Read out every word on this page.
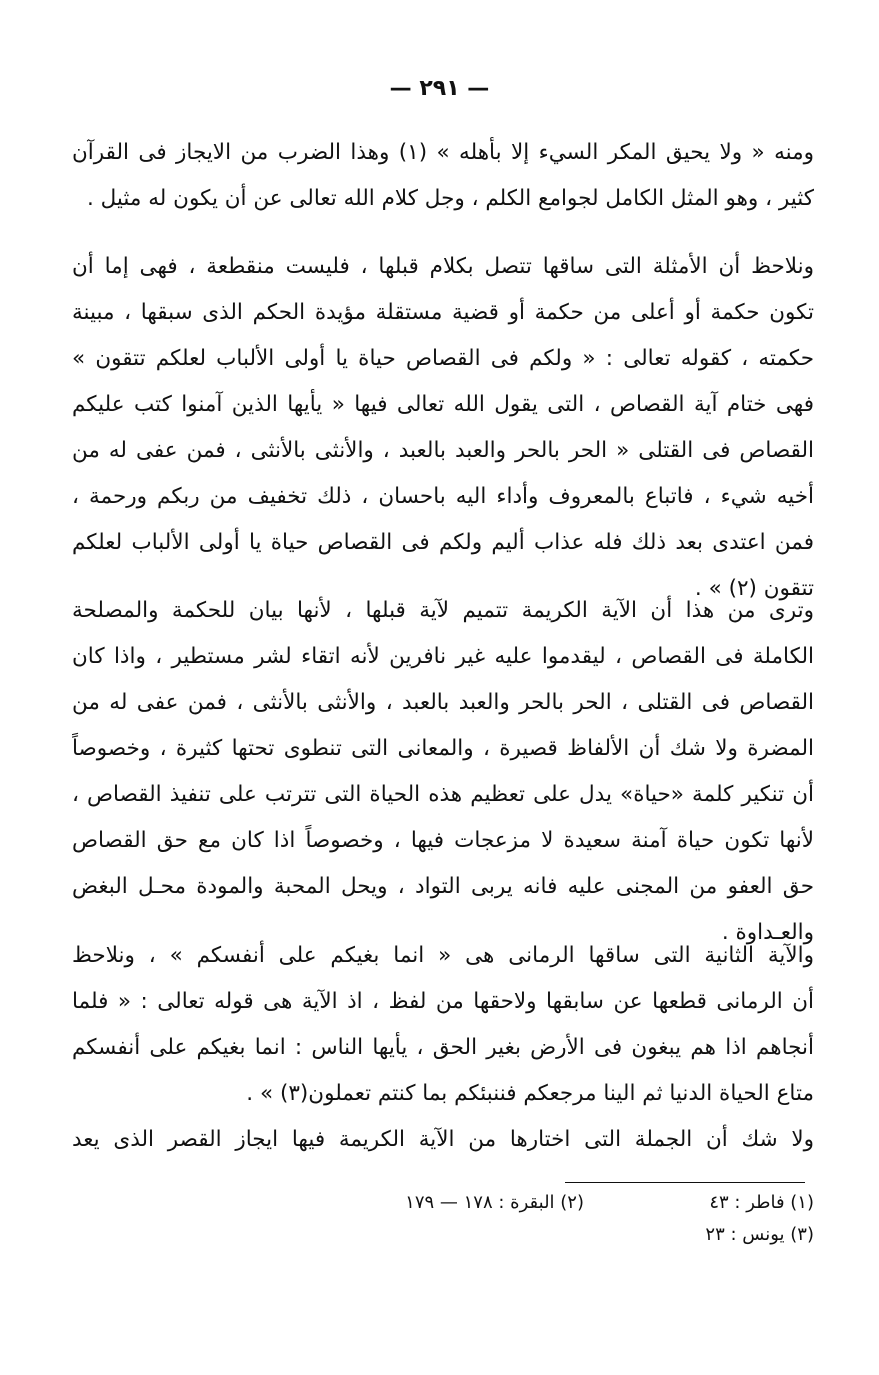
— ٢٩١ —
ومنه « ولا يحيق المكر السيء إلا بأهله » (١) وهذا الضرب من الايجاز فى القرآن
كثير ، وهو المثل الكامل لجوامع الكلم ، وجل كلام الله تعالى عن أن يكون له مثيل .
ونلاحظ أن الأمثلة التى ساقها تتصل بكلام قبلها ، فليست منقطعة ، فهى إما أن
تكون حكمة أو أعلى من حكمة أو قضية مستقلة مؤيدة الحكم الذى سبقها ، مبينة
حكمته ، كقوله تعالى : « ولكم فى القصاص حياة يا أولى الألباب لعلكم تتقون »
فهى ختام آية القصاص ، التى يقول الله تعالى فيها « يأيها الذين آمنوا كتب عليكم
القصاص فى القتلى « الحر بالحر والعبد بالعبد ، والأنثى بالأنثى ، فمن عفى له من
أخيه شيء ، فاتباع بالمعروف وأداء اليه باحسان ، ذلك تخفيف من ربكم ورحمة ،
فمن اعتدى بعد ذلك فله عذاب أليم ولكم فى القصاص حياة يا أولى الألباب لعلكم
تتقون (٢) » .
وترى من هذا أن الآية الكريمة تتميم لآية قبلها ، لأنها بيان للحكمة والمصلحة
الكاملة فى القصاص ، ليقدموا عليه غير نافرين لأنه اتقاء لشر مستطير ، واذا كان
القصاص فى القتلى ، الحر بالحر والعبد بالعبد ، والأنثى بالأنثى ، فمن عفى له من
المضرة ولا شك أن الألفاظ قصيرة ، والمعانى التى تنطوى تحتها كثيرة ، وخصوصاً
أن تنكير كلمة «حياة» يدل على تعظيم هذه الحياة التى تترتب على تنفيذ القصاص ،
لأنها تكون حياة آمنة سعيدة لا مزعجات فيها ، وخصوصاً اذا كان مع حق القصاص
حق العفو من المجنى عليه فانه يربى التواد ، ويحل المحبة والمودة محـل البغض
والعـداوة .
والآية الثانية التى ساقها الرمانى هى « انما بغيكم على أنفسكم » ، ونلاحظ
أن الرمانى قطعها عن سابقها ولاحقها من لفظ ، اذ الآية هى قوله تعالى : « فلما
أنجاهم اذا هم يبغون فى الأرض بغير الحق ، يأيها الناس : انما بغيكم على أنفسكم
متاع الحياة الدنيا ثم الينا مرجعكم فننبئكم بما كنتم تعملون(٣) » .
ولا شك أن الجملة التى اختارها من الآية الكريمة فيها ايجاز القصر الذى يعد
(١) فاطر : ٤٣
(٢) البقرة : ١٧٨ — ١٧٩
(٣) يونس : ٢٣
